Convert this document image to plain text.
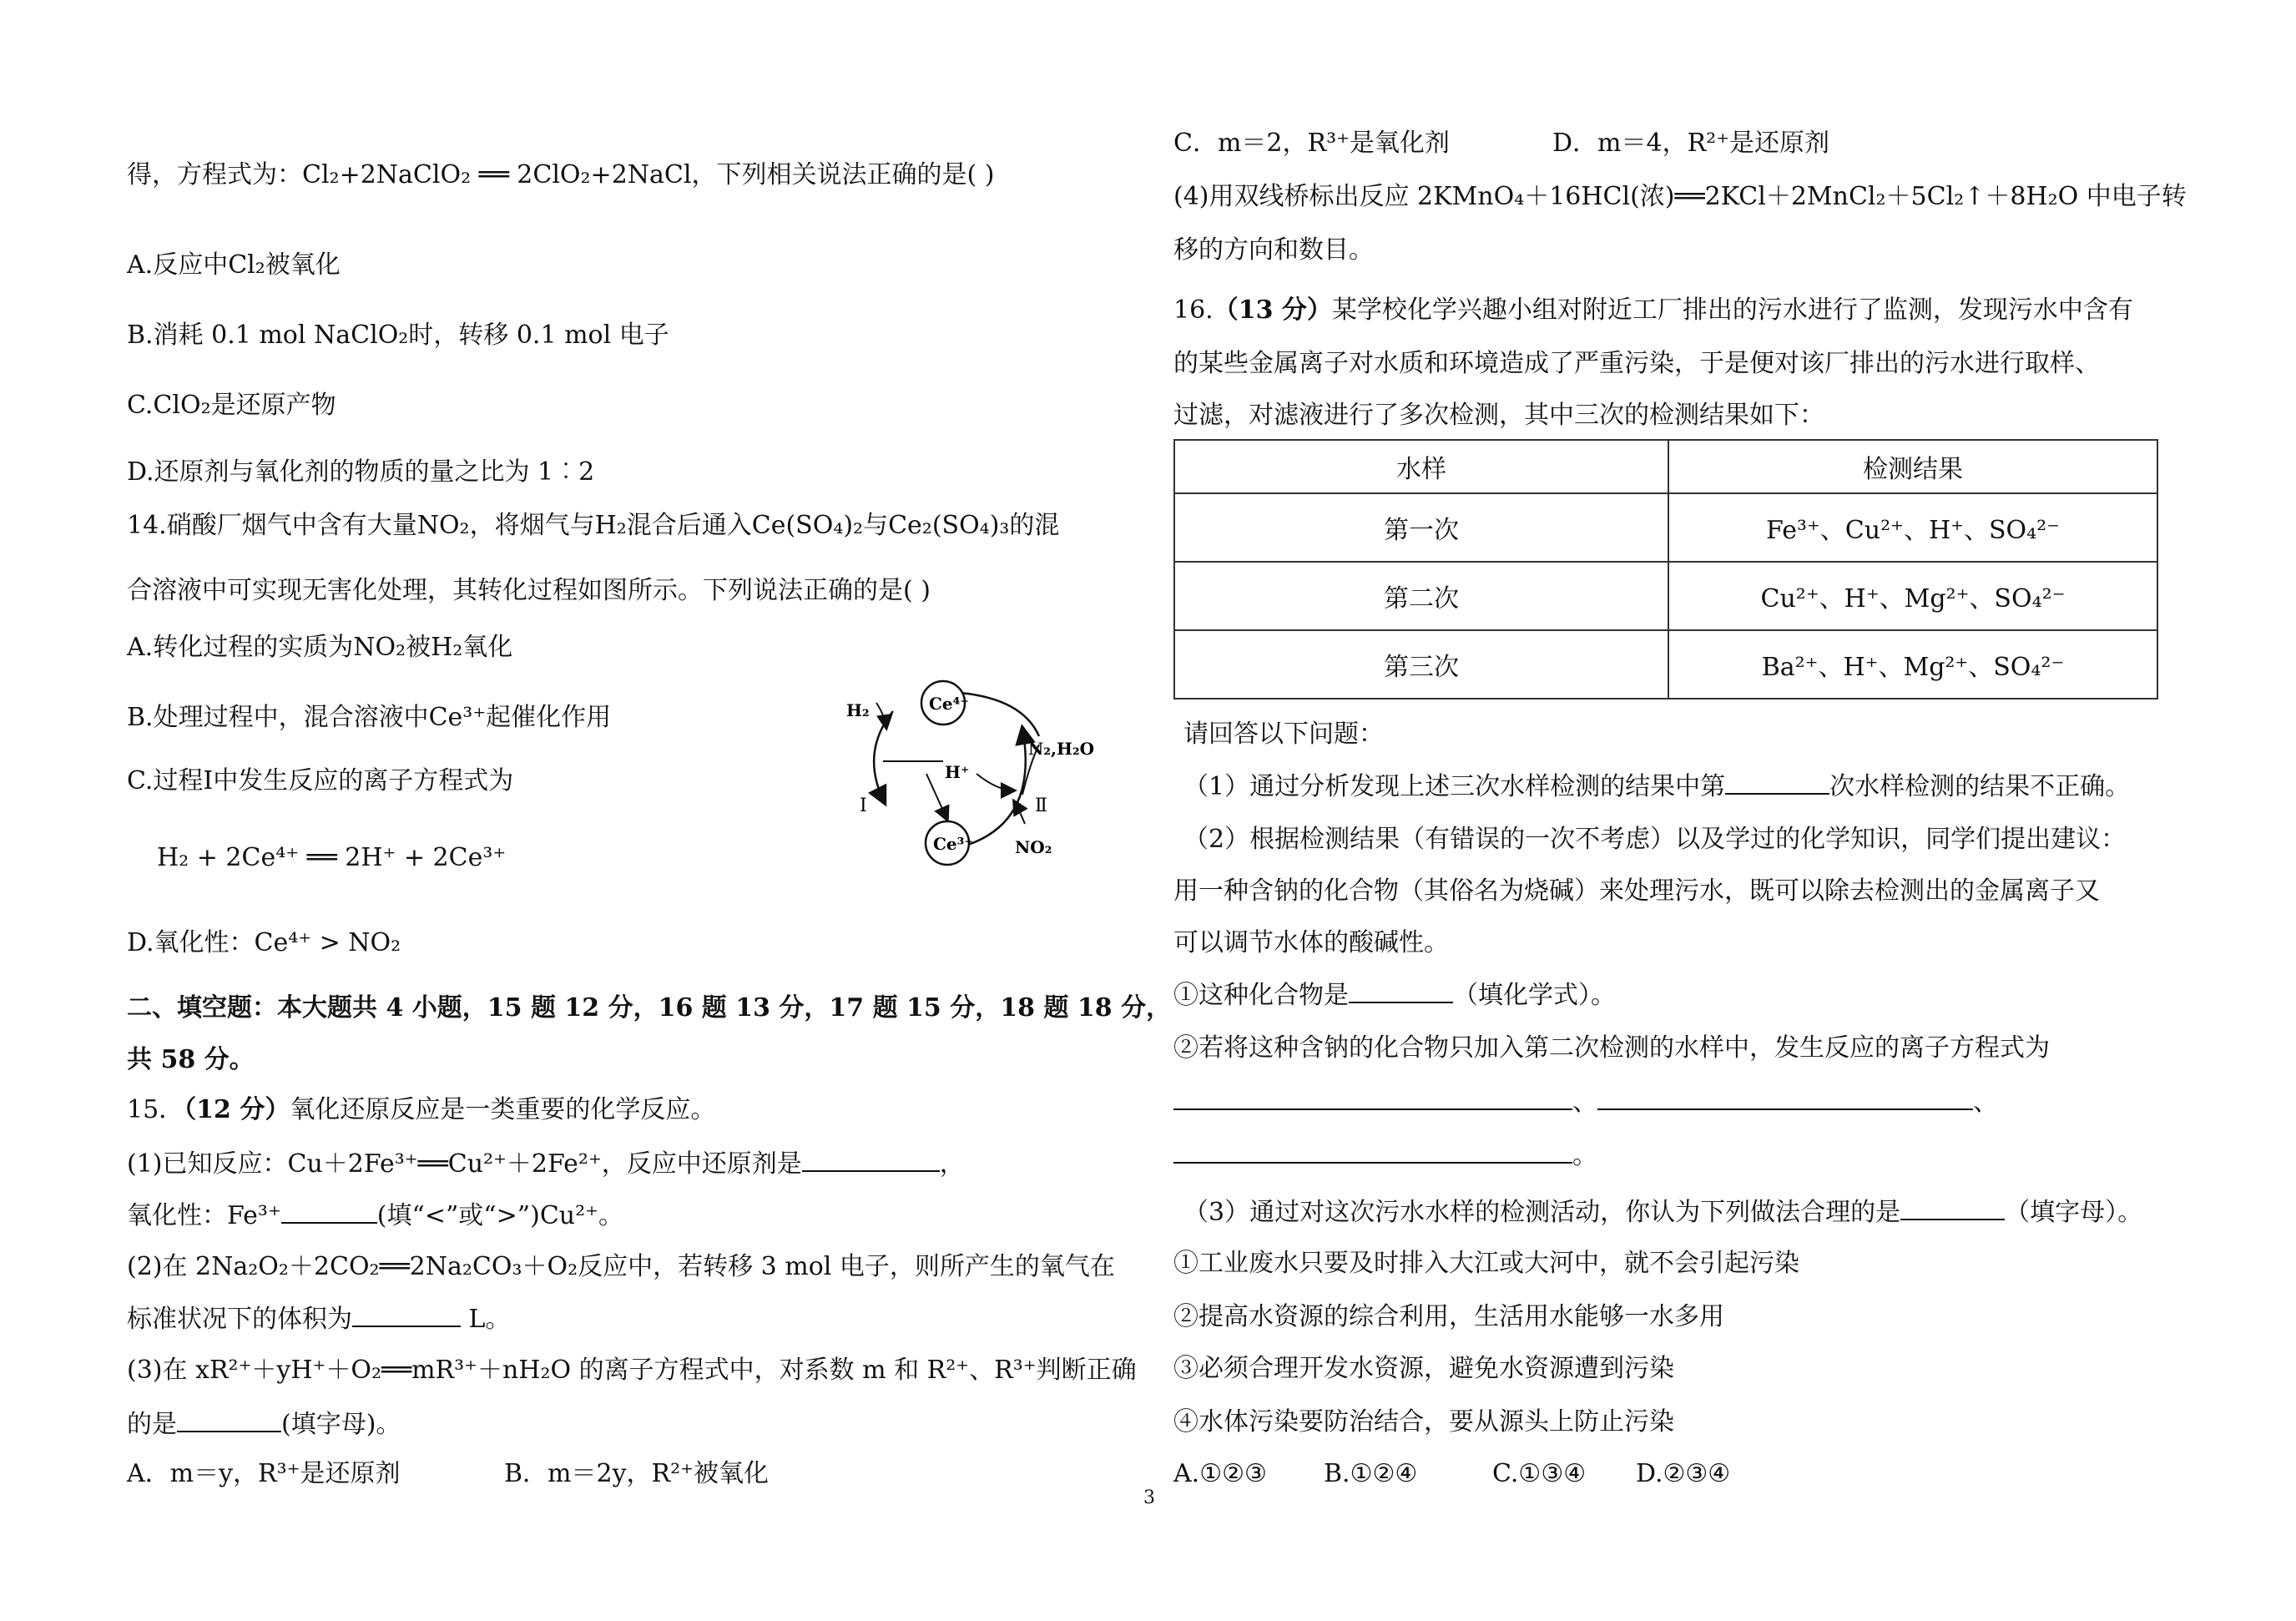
得，方程式为：Cl₂+2NaClO₂ ══ 2ClO₂+2NaCl，下列相关说法正确的是( )
A.反应中Cl₂被氧化
B.消耗 0.1 mol NaClO₂时，转移 0.1 mol 电子
C.ClO₂是还原产物
D.还原剂与氧化剂的物质的量之比为 1︰2
14.硝酸厂烟气中含有大量NO₂，将烟气与H₂混合后通入Ce(SO₄)₂与Ce₂(SO₄)₃的混
合溶液中可实现无害化处理，其转化过程如图所示。下列说法正确的是( )
A.转化过程的实质为NO₂被H₂氧化
B.处理过程中，混合溶液中Ce³⁺起催化作用
C.过程Ⅰ中发生反应的离子方程式为
H₂ + 2Ce⁴⁺ ══ 2H⁺ + 2Ce³⁺
D.氧化性：Ce⁴⁺ > NO₂
Ce⁴⁺
Ce³⁺
H₂
H⁺
N₂,H₂O
NO₂
Ⅰ	Ⅱ
二、填空题：本大题共 4 小题，15 题 12 分，16 题 13 分，17 题 15 分，18 题 18 分，
共 58 分。
15．（12 分）氧化还原反应是一类重要的化学反应。
(1)已知反应：Cu＋2Fe³⁺══Cu²⁺＋2Fe²⁺，反应中还原剂是	，
氧化性：Fe³⁺	(填“<”或“>”)Cu²⁺。
(2)在 2Na₂O₂＋2CO₂══2Na₂CO₃＋O₂反应中，若转移 3 mol 电子，则所产生的氧气在
标准状况下的体积为	L。
(3)在 xR²⁺＋yH⁺＋O₂══mR³⁺＋nH₂O 的离子方程式中，对系数 m 和 R²⁺、R³⁺判断正确
的是	(填字母)。
A．m＝y，R³⁺是还原剂	B．m＝2y，R²⁺被氧化
C．m＝2，R³⁺是氧化剂	D．m＝4，R²⁺是还原剂
(4)用双线桥标出反应 2KMnO₄＋16HCl(浓)══2KCl＋2MnCl₂＋5Cl₂↑＋8H₂O 中电子转
移的方向和数目。
16.（13 分）某学校化学兴趣小组对附近工厂排出的污水进行了监测，发现污水中含有
的某些金属离子对水质和环境造成了严重污染，于是便对该厂排出的污水进行取样、
过滤，对滤液进行了多次检测，其中三次的检测结果如下：
水样	检测结果
第一次	Fe³⁺、Cu²⁺、H⁺、SO₄²⁻
第二次	Cu²⁺、H⁺、Mg²⁺、SO₄²⁻
第三次	Ba²⁺、H⁺、Mg²⁺、SO₄²⁻
请回答以下问题：
（1）通过分析发现上述三次水样检测的结果中第	次水样检测的结果不正确。
（2）根据检测结果（有错误的一次不考虑）以及学过的化学知识，同学们提出建议：
用一种含钠的化合物（其俗名为烧碱）来处理污水，既可以除去检测出的金属离子又
可以调节水体的酸碱性。
①这种化合物是	（填化学式）。
②若将这种含钠的化合物只加入第二次检测的水样中，发生反应的离子方程式为
、	、
。
（3）通过对这次污水水样的检测活动，你认为下列做法合理的是	（填字母）。
①工业废水只要及时排入大江或大河中，就不会引起污染
②提高水资源的综合利用，生活用水能够一水多用
③必须合理开发水资源，避免水资源遭到污染
④水体污染要防治结合，要从源头上防止污染
A.①②③ B.①②④	C.①③④ D.②③④
3
